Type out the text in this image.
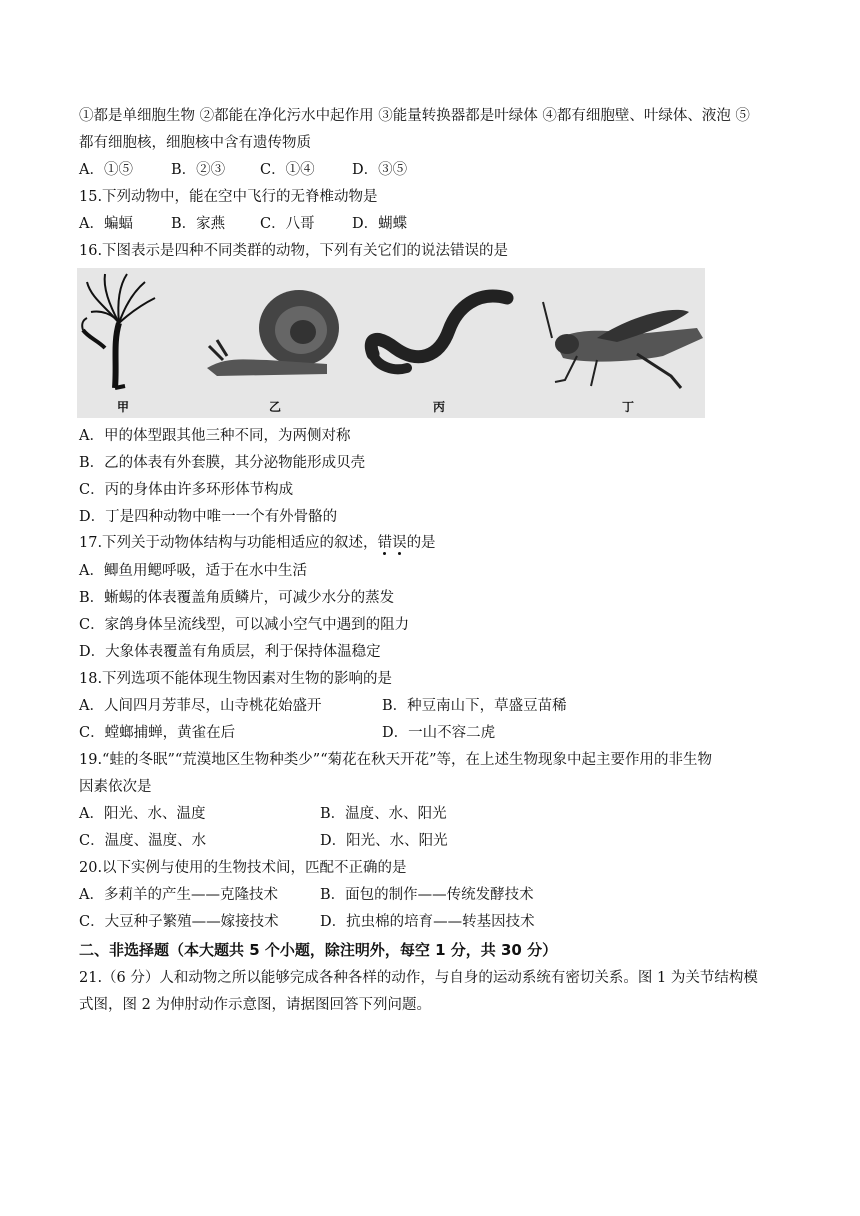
①都是单细胞生物 ②都能在净化污水中起作用 ③能量转换器都是叶绿体 ④都有细胞壁、叶绿体、液泡 ⑤
都有细胞核，细胞核中含有遗传物质
A．①⑤	B．②③ C．①④	D．③⑤
15.下列动物中，能在空中飞行的无脊椎动物是
A．蝙蝠	B．家燕 C．八哥	D．蝴蝶
16.下图表示是四种不同类群的动物，下列有关它们的说法错误的是
甲	乙	丙	丁
A．甲的体型跟其他三种不同，为两侧对称
B．乙的体表有外套膜，其分泌物能形成贝壳
C．丙的身体由许多环形体节构成
D．丁是四种动物中唯一一个有外骨骼的
17.下列关于动物体结构与功能相适应的叙述，错误的是
A．鲫鱼用鳃呼吸，适于在水中生活
B．蜥蜴的体表覆盖角质鳞片，可减少水分的蒸发
C．家鸽身体呈流线型，可以减小空气中遇到的阻力
D．大象体表覆盖有角质层，利于保持体温稳定
18.下列选项不能体现生物因素对生物的影响的是
A．人间四月芳菲尽，山寺桃花始盛开	B．种豆南山下，草盛豆苗稀
C．螳螂捕蝉，黄雀在后	D．一山不容二虎
19.“蛙的冬眠”“荒漠地区生物种类少”“菊花在秋天开花”等，在上述生物现象中起主要作用的非生物
因素依次是
A．阳光、水、温度	B．温度、水、阳光
C．温度、温度、水	D．阳光、水、阳光
20.以下实例与使用的生物技术间，匹配不正确的是
A．多莉羊的产生——克隆技术	B．面包的制作——传统发酵技术
C．大豆种子繁殖——嫁接技术	D．抗虫棉的培育——转基因技术
二、非选择题（本大题共 5 个小题，除注明外，每空 1 分，共 30 分）
21.（6 分）人和动物之所以能够完成各种各样的动作，与自身的运动系统有密切关系。图 1 为关节结构模
式图，图 2 为伸肘动作示意图，请据图回答下列问题。
